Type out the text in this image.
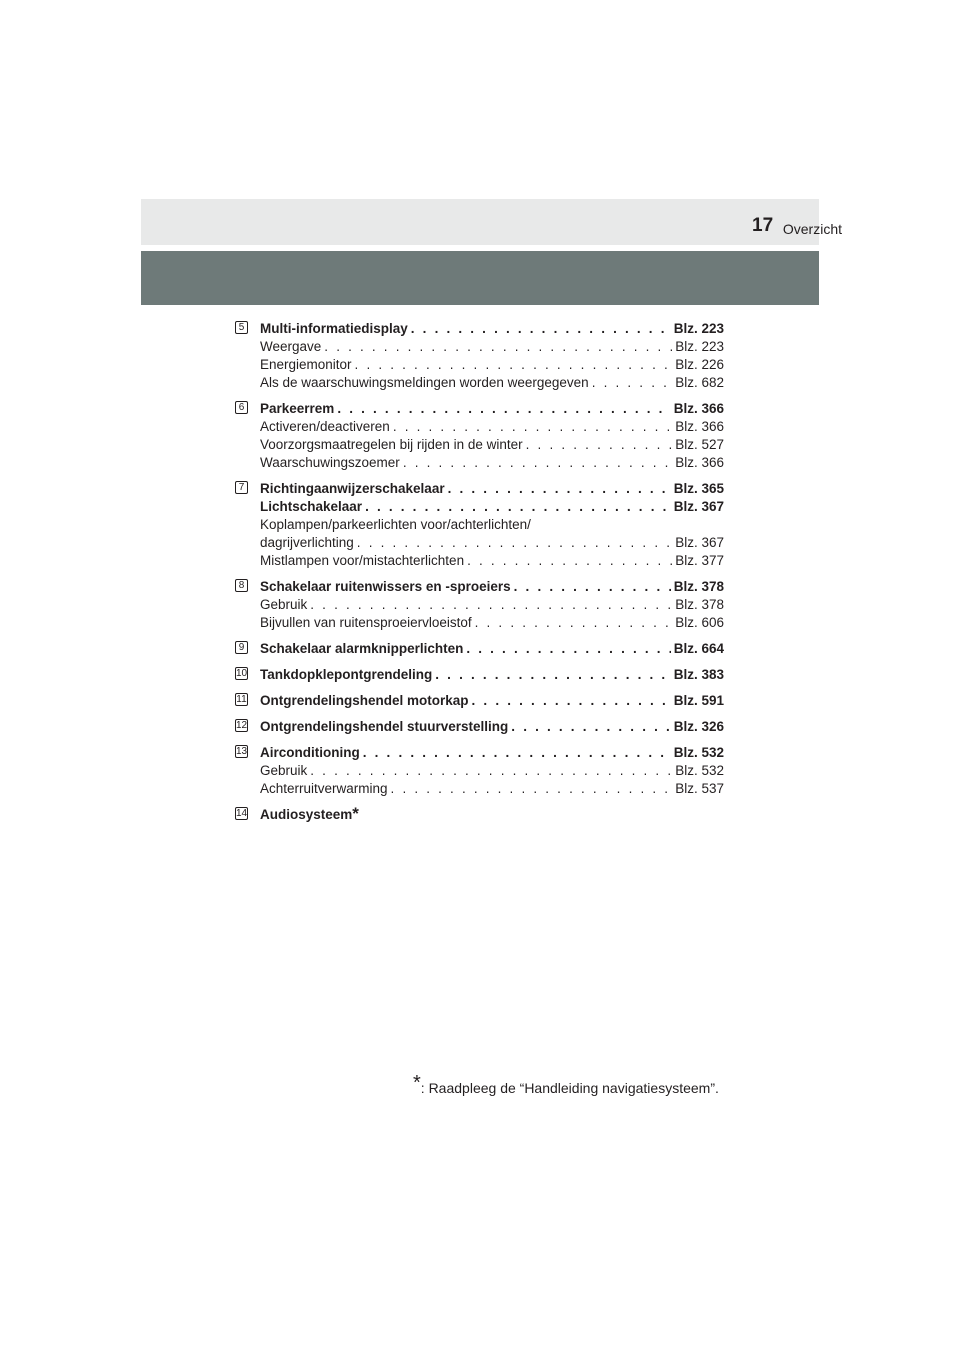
Overzicht
17
5 Multi-informatiedisplay . . .	Blz. 223
Weergave . . .	Blz. 223
Energiemonitor . . .	Blz. 226
Als de waarschuwingsmeldingen worden weergegeven . . .	Blz. 682
6 Parkeerrem . . .	Blz. 366
Activeren/deactiveren . . .	Blz. 366
Voorzorgsmaatregelen bij rijden in de winter . . .	Blz. 527
Waarschuwingszoemer . . .	Blz. 366
7 Richtingaanwijzerschakelaar . . .	Blz. 365
Lichtschakelaar . . .	Blz. 367
Koplampen/parkeerlichten voor/achterlichten/
dagrijverlichting . . .	Blz. 367
Mistlampen voor/mistachterlichten . . .	Blz. 377
8 Schakelaar ruitenwissers en -sproeiers . . .	Blz. 378
Gebruik . . .	Blz. 378
Bijvullen van ruitensproeiervloeistof . . .	Blz. 606
9 Schakelaar alarmknipperlichten . . .	Blz. 664
10 Tankdopklepontgrendeling . . .	Blz. 383
11 Ontgrendelingshendel motorkap . . .	Blz. 591
12 Ontgrendelingshendel stuurverstelling . . .	Blz. 326
13 Airconditioning . . .	Blz. 532
Gebruik . . .	Blz. 532
Achterruitverwarming . . .	Blz. 537
14 Audiosysteem *
*: Raadpleeg de “Handleiding navigatiesysteem”.
